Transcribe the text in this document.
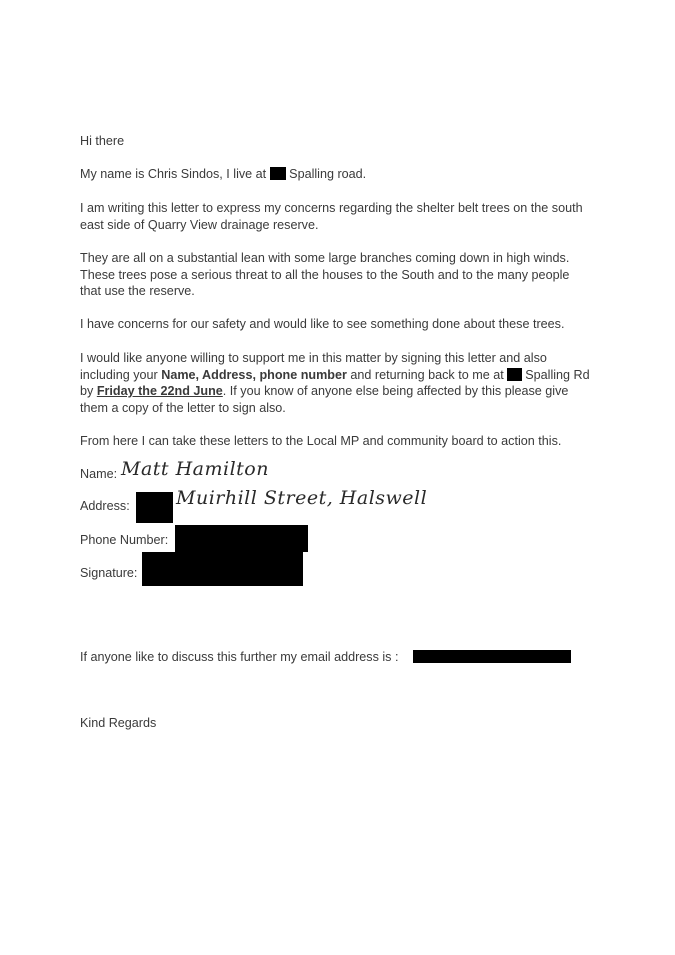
Hi there
My name is Chris Sindos, I live at Spalling road.
I am writing this letter to express my concerns regarding the shelter belt trees on the south east side of Quarry View drainage reserve.
They are all on a substantial lean with some large branches coming down in high winds. These trees pose a serious threat to all the houses to the South and to the many people that use the reserve.
I have concerns for our safety and would like to see something done about these trees.
I would like anyone willing to support me in this matter by signing this letter and also including your Name, Address, phone number and returning back to me at Spalling Rd by Friday the 22nd June. If you know of anyone else being affected by this please give them a copy of the letter to sign also.
From here I can take these letters to the Local MP and community board to action this.
Name: Matt Hamilton
Address: Muirhill Street, Halswell
Phone Number:
Signature:
If anyone like to discuss this further my email address is :
Kind Regards
